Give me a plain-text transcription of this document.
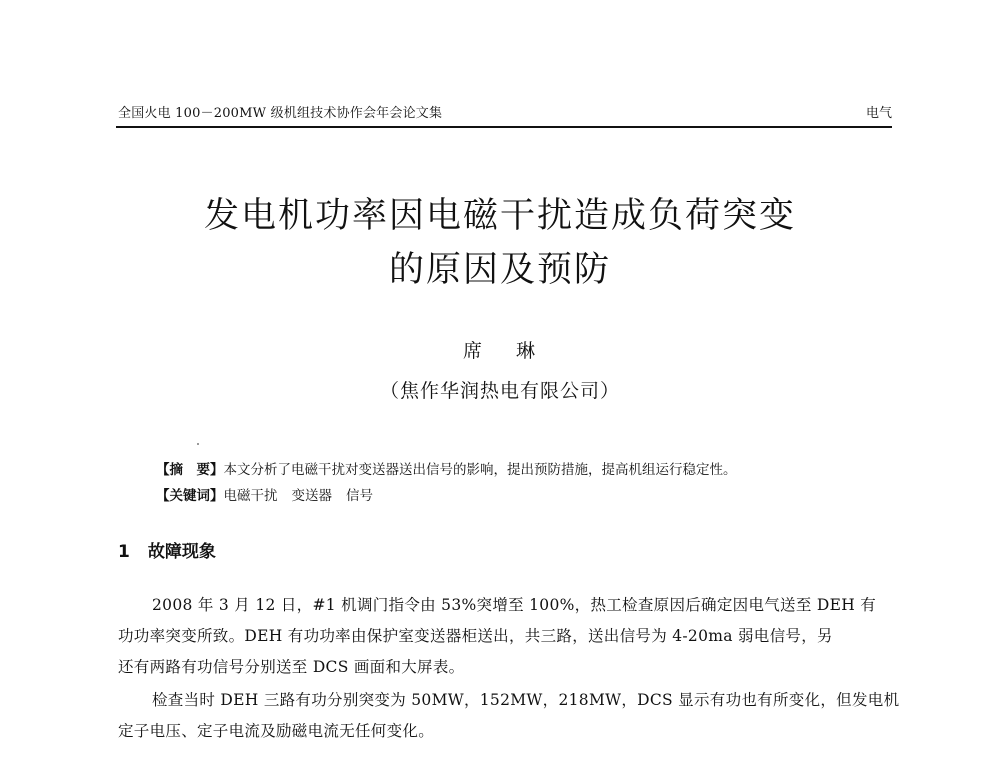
全国火电 100－200MW 级机组技术协作会年会论文集	电气
发电机功率因电磁干扰造成负荷突变
的原因及预防
席 琳
（焦作华润热电有限公司）
【摘　要】本文分析了电磁干扰对变送器送出信号的影响，提出预防措施，提高机组运行稳定性。
【关键词】电磁干扰 变送器 信号
1 故障现象
2008 年 3 月 12 日，#1 机调门指令由 53%突增至 100%，热工检查原因后确定因电气送至 DEH 有
功功率突变所致。DEH 有功功率由保护室变送器柜送出，共三路，送出信号为 4-20ma 弱电信号，另
还有两路有功信号分别送至 DCS 画面和大屏表。
检查当时 DEH 三路有功分别突变为 50MW，152MW，218MW，DCS 显示有功也有所变化，但发电机
定子电压、定子电流及励磁电流无任何变化。
